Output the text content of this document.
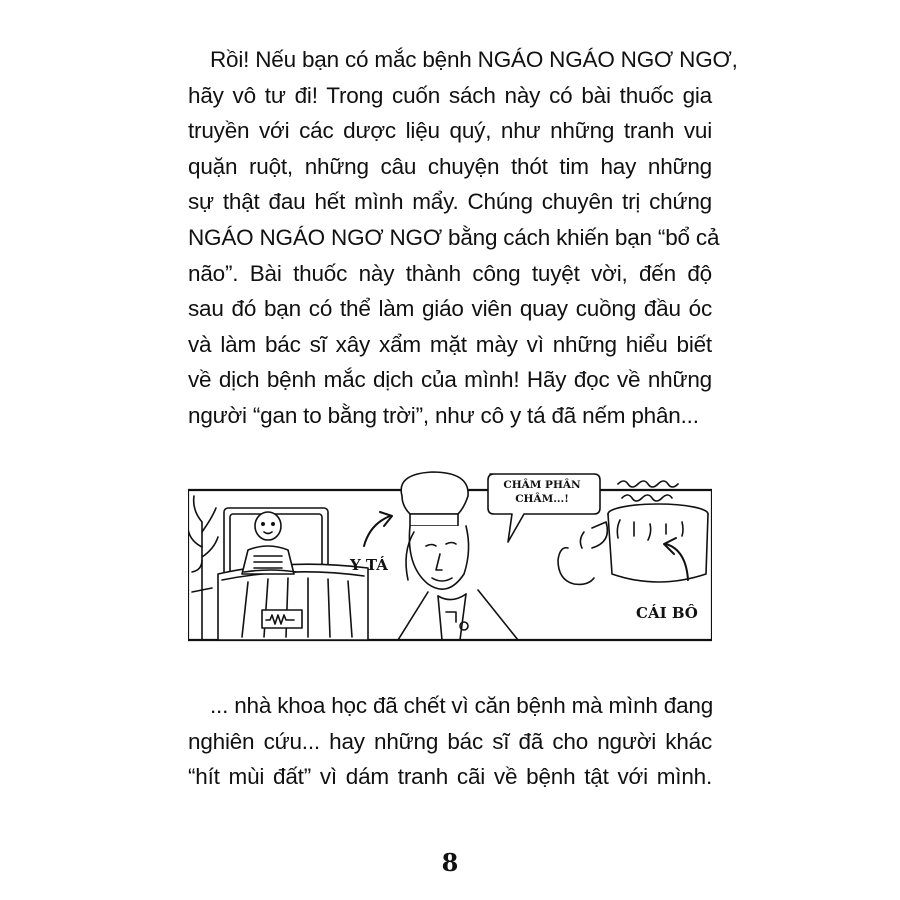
Rồi! Nếu bạn có mắc bệnh NGÁO NGÁO NGƠ NGƠ,
hãy vô tư đi! Trong cuốn sách này có bài thuốc gia
truyền với các dược liệu quý, như những tranh vui
quặn ruột, những câu chuyện thót tim hay những
sự thật đau hết mình mẩy. Chúng chuyên trị chứng
NGÁO NGÁO NGƠ NGƠ bằng cách khiến bạn “bổ cả
não”. Bài thuốc này thành công tuyệt vời, đến độ
sau đó bạn có thể làm giáo viên quay cuồng đầu óc
và làm bác sĩ xây xẩm mặt mày vì những hiểu biết
về dịch bệnh mắc dịch của mình! Hãy đọc về những
người “gan to bằng trời”, như cô y tá đã nếm phân...
CHÂM PHÂN
CHÂM...!
Y TÁ
CÁI BÔ
... nhà khoa học đã chết vì căn bệnh mà mình đang
nghiên cứu... hay những bác sĩ đã cho người khác
“hít mùi đất” vì dám tranh cãi về bệnh tật với mình.
8
